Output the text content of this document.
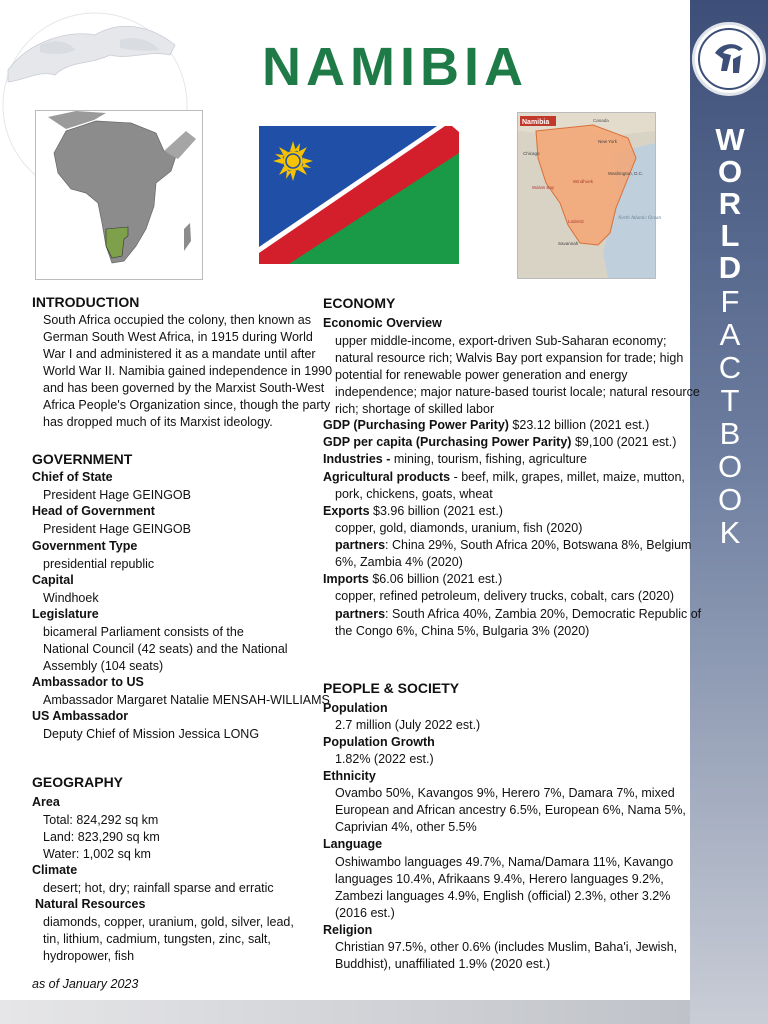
NAMIBIA
Namibia	Canada
Chicago
New York
Washington, D.C.
Walvis Bay
Windhoek
Lüderitz
North Atlantic Ocean
Savannah
W
O
R
L
D
F
A
C
T
B
O
O
K
INTRODUCTION
South Africa occupied the colony, then known as
German South West Africa, in 1915 during World
War I and administered it as a mandate until after
World War II. Namibia gained independence in 1990
and has been governed by the Marxist South-West
Africa People's Organization since, though the party
has dropped much of its Marxist ideology.
GOVERNMENT
Chief of State
President Hage GEINGOB
Head of Government
President Hage GEINGOB
Government Type
presidential republic
Capital
Windhoek
Legislature
bicameral Parliament consists of the
National Council (42 seats) and the National
Assembly (104 seats)
Ambassador to US
Ambassador Margaret Natalie MENSAH-WILLIAMS
US Ambassador
Deputy Chief of Mission Jessica LONG
GEOGRAPHY
Area
Total: 824,292 sq km
Land: 823,290 sq km
Water: 1,002 sq km
Climate
desert; hot, dry; rainfall sparse and erratic
Natural Resources
diamonds, copper, uranium, gold, silver, lead,
tin, lithium, cadmium, tungsten, zinc, salt,
hydropower, fish
as of January 2023
ECONOMY
Economic Overview
upper middle-income, export-driven Sub-Saharan economy;
natural resource rich; Walvis Bay port expansion for trade; high
potential for renewable power generation and energy
independence; major nature-based tourist locale; natural resource
rich; shortage of skilled labor
GDP (Purchasing Power Parity) $23.12 billion (2021 est.)
GDP per capita (Purchasing Power Parity) $9,100 (2021 est.)
Industries - mining, tourism, fishing, agriculture
Agricultural products - beef, milk, grapes, millet, maize, mutton,
pork, chickens, goats, wheat
Exports $3.96 billion (2021 est.)
copper, gold, diamonds, uranium, fish (2020)
partners: China 29%, South Africa 20%, Botswana 8%, Belgium
6%, Zambia 4% (2020)
Imports $6.06 billion (2021 est.)
copper, refined petroleum, delivery trucks, cobalt, cars (2020)
partners: South Africa 40%, Zambia 20%, Democratic Republic of
the Congo 6%, China 5%, Bulgaria 3% (2020)
PEOPLE & SOCIETY
Population
2.7 million (July 2022 est.)
Population Growth
1.82% (2022 est.)
Ethnicity
Ovambo 50%, Kavangos 9%, Herero 7%, Damara 7%, mixed
European and African ancestry 6.5%, European 6%, Nama 5%,
Caprivian 4%, other 5.5%
Language
Oshiwambo languages 49.7%, Nama/Damara 11%, Kavango
languages 10.4%, Afrikaans 9.4%, Herero languages 9.2%,
Zambezi languages 4.9%, English (official) 2.3%, other 3.2%
(2016 est.)
Religion
Christian 97.5%, other 0.6% (includes Muslim, Baha'i, Jewish,
Buddhist), unaffiliated 1.9% (2020 est.)
